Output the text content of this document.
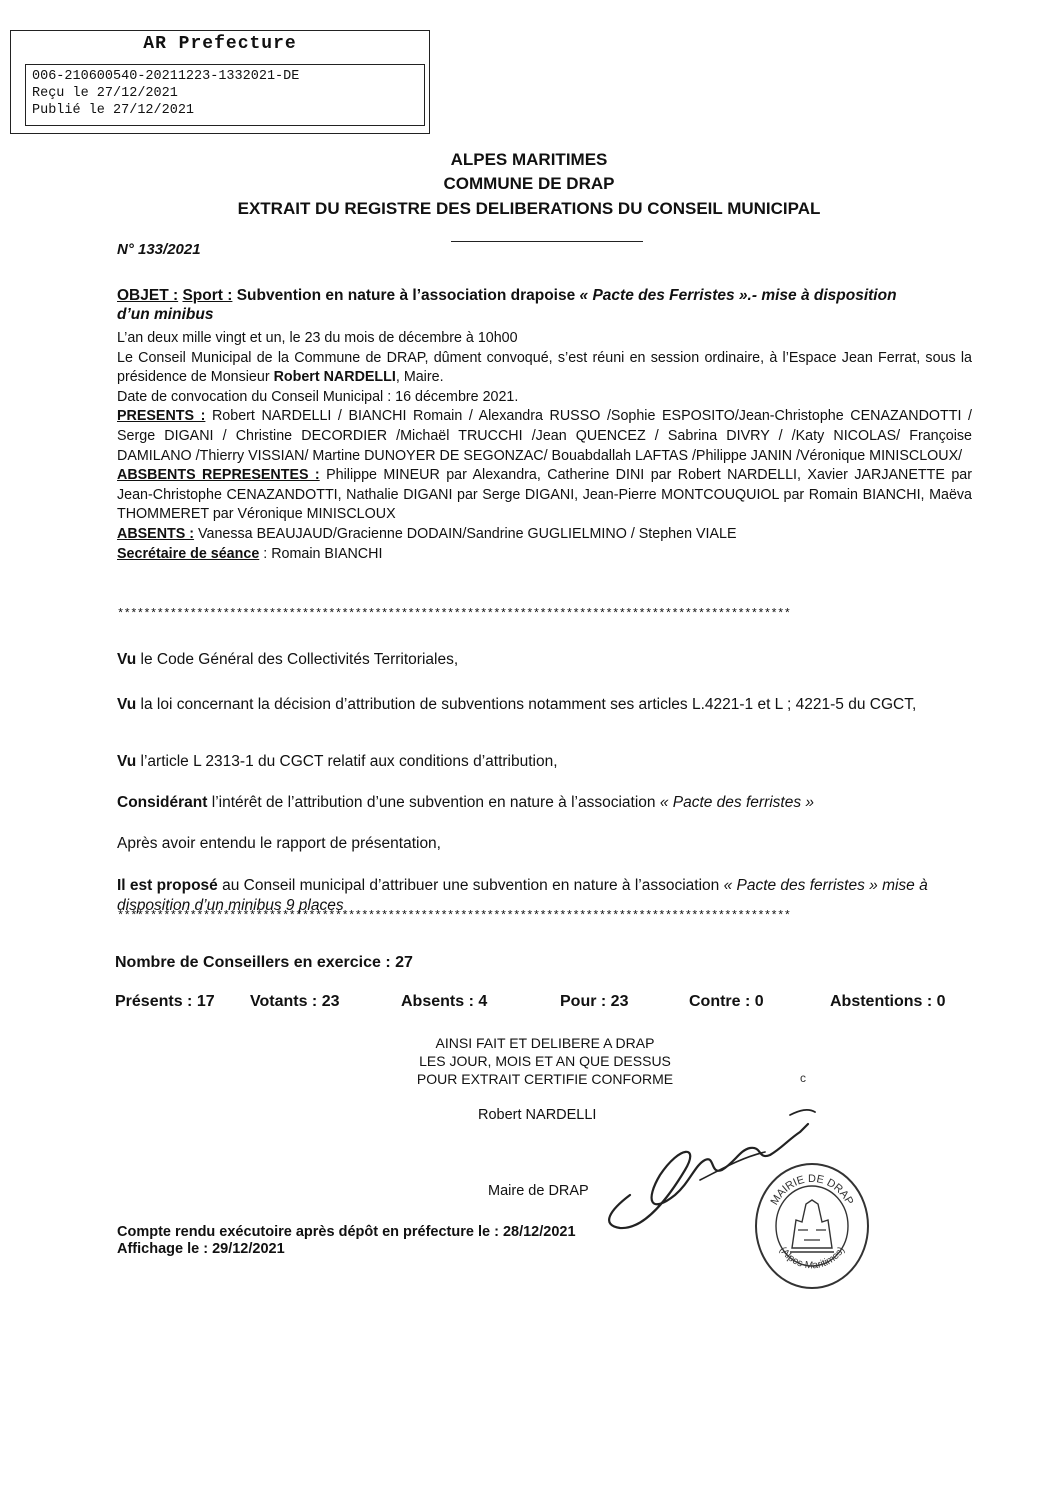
AR Prefecture
006-210600540-20211223-1332021-DE
Reçu le 27/12/2021
Publié le 27/12/2021
ALPES MARITIMES
COMMUNE DE DRAP
EXTRAIT DU REGISTRE DES DELIBERATIONS DU CONSEIL MUNICIPAL
N° 133/2021
OBJET : Sport : Subvention en nature à l’association drapoise « Pacte des Ferristes ».- mise à disposition d’un minibus

L’an deux mille vingt et un, le 23 du mois de décembre à 10h00

Le Conseil Municipal de la Commune de DRAP, dûment convoqué, s’est réuni en session ordinaire, à l’Espace Jean Ferrat, sous la présidence de Monsieur Robert NARDELLI, Maire.

Date de convocation du Conseil Municipal : 16 décembre 2021.

PRESENTS : Robert NARDELLI / BIANCHI Romain / Alexandra RUSSO /Sophie ESPOSITO/Jean-Christophe CENAZANDOTTI / Serge DIGANI / Christine DECORDIER /Michaël TRUCCHI /Jean QUENCEZ / Sabrina DIVRY / /Katy NICOLAS/ Françoise DAMILANO /Thierry VISSIAN/ Martine DUNOYER DE SEGONZAC/ Bouabdallah LAFTAS /Philippe JANIN /Véronique MINISCLOUX/

ABSBENTS REPRESENTES : Philippe MINEUR par Alexandra, Catherine DINI par Robert NARDELLI, Xavier JARJANETTE par Jean-Christophe CENAZANDOTTI, Nathalie DIGANI par Serge DIGANI, Jean-Pierre MONTCOUQUIOL par Romain BIANCHI, Maëva THOMMERET par Véronique MINISCLOUX

ABSENTS : Vanessa BEAUJAUD/Gracienne DODAIN/Sandrine GUGLIELMINO / Stephen VIALE

Secrétaire de séance : Romain BIANCHI

******************************************************************************************************
Vu le Code Général des Collectivités Territoriales,
Vu la loi concernant la décision d’attribution de subventions notamment ses articles L.4221-1 et L ; 4221-5 du CGCT,
Vu l’article L 2313-1 du CGCT relatif aux conditions d’attribution,
Considérant l’intérêt de l’attribution d’une subvention en nature à l’association « Pacte des ferristes »
Après avoir entendu le rapport de présentation,
Il est proposé au Conseil municipal d’attribuer une subvention en nature à l’association « Pacte des ferristes » mise à disposition d’un minibus 9 places
******************************************************************************************************
Nombre de Conseillers en exercice : 27
Présents : 17 Votants : 23	Absents : 4	Pour : 23	Contre : 0	Abstentions : 0
AINSI FAIT ET DELIBERE A DRAP
LES JOUR, MOIS ET AN QUE DESSUS
POUR EXTRAIT CERTIFIE CONFORME	c
Robert NARDELLI
Maire de DRAP
MAIRIE DE DRAP
(Alpes-Maritimes)
Compte rendu exécutoire après dépôt en préfecture le : 28/12/2021
Affichage le : 29/12/2021
